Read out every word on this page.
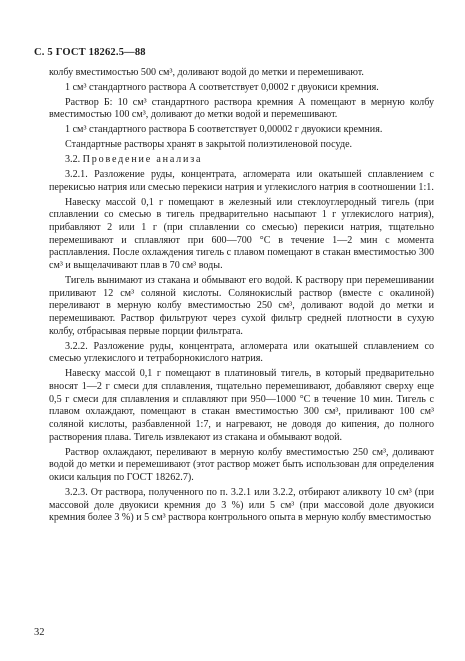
С. 5 ГОСТ 18262.5—88

колбу вместимостью 500 см³, доливают водой до метки и перемешивают.

1 см³ стандартного раствора А соответствует 0,0002 г двуокиси кремния.

Раствор Б: 10 см³ стандартного раствора кремния А помещают в мерную колбу вместимостью 100 см³, доливают до метки водой и перемешивают.

1 см³ стандартного раствора Б соответствует 0,00002 г двуокиси кремния.

Стандартные растворы хранят в закрытой полиэтиленовой посуде.

3.2. Проведение анализа

3.2.1. Разложение руды, концентрата, агломерата или окатышей сплавлением с перекисью натрия или смесью перекиси натрия и углекислого натрия в соотношении 1:1.

Навеску массой 0,1 г помещают в железный или стеклоуглеродный тигель (при сплавлении со смесью в тигель предварительно насыпают 1 г углекислого натрия), прибавляют 2 или 1 г (при сплавлении со смесью) перекиси натрия, тщательно перемешивают и сплавляют при 600—700 °С в течение 1—2 мин с момента расплавления. После охлаждения тигель с плавом помещают в стакан вместимостью 300 см³ и выщелачивают плав в 70 см³ воды.

Тигель вынимают из стакана и обмывают его водой. К раствору при перемешивании приливают 12 см³ соляной кислоты. Солянокислый раствор (вместе с окалиной) переливают в мерную колбу вместимостью 250 см³, доливают водой до метки и перемешивают. Раствор фильтруют через сухой фильтр средней плотности в сухую колбу, отбрасывая первые порции фильтрата.

3.2.2. Разложение руды, концентрата, агломерата или окатышей сплавлением со смесью углекислого и тетраборнокислого натрия.

Навеску массой 0,1 г помещают в платиновый тигель, в который предварительно вносят 1—2 г смеси для сплавления, тщательно перемешивают, добавляют сверху еще 0,5 г смеси для сплавления и сплавляют при 950—1000 °С в течение 10 мин. Тигель с плавом охлаждают, помещают в стакан вместимостью 300 см³, приливают 100 см³ соляной кислоты, разбавленной 1:7, и нагревают, не доводя до кипения, до полного растворения плава. Тигель извлекают из стакана и обмывают водой.

Раствор охлаждают, переливают в мерную колбу вместимостью 250 см³, доливают водой до метки и перемешивают (этот раствор может быть использован для определения окиси кальция по ГОСТ 18262.7).

3.2.3. От раствора, полученного по п. 3.2.1 или 3.2.2, отбирают аликвоту 10 см³ (при массовой доле двуокиси кремния до 3 %) или 5 см³ (при массовой доле двуокиси кремния более 3 %) и 5 см³ раствора контрольного опыта в мерную колбу вместимостью

32
